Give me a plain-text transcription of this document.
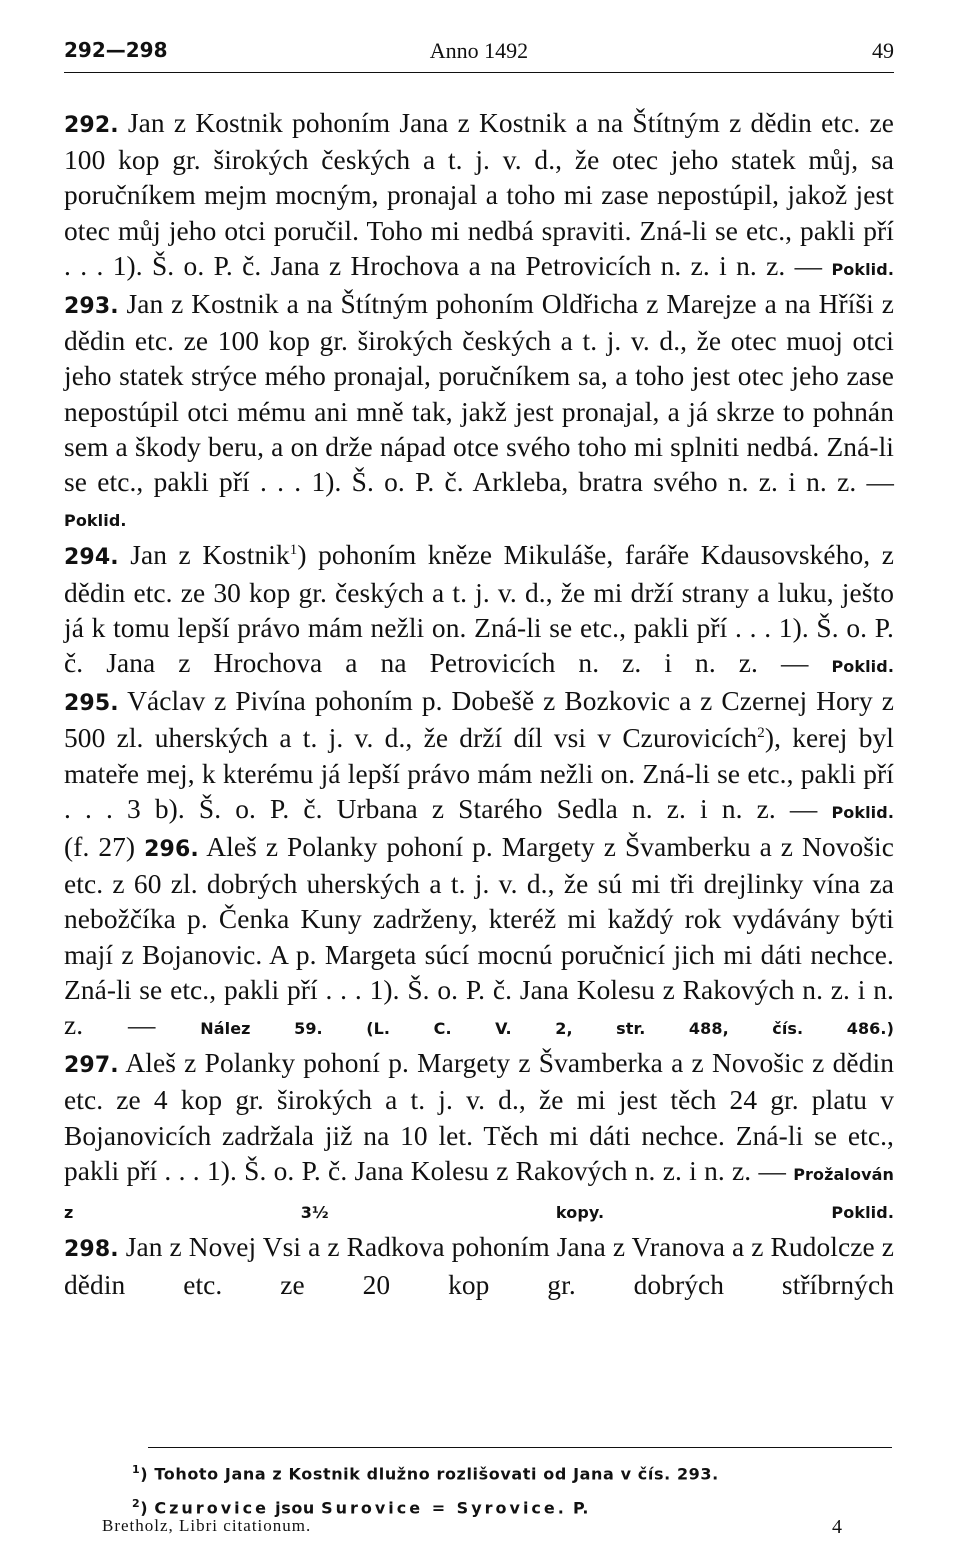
292—298	Anno 1492	49

292. Jan z Kostnik pohoním Jana z Kostnik a na Štítným z dědin etc. ze 100 kop gr. širokých českých a t. j. v. d., že otec jeho statek můj, sa poručníkem mejm mocným, pronajal a toho mi zase nepostúpil, jakož jest otec můj jeho otci poručil. Toho mi nedbá spraviti. Zná-li se etc., pakli pří . . . 1). Š. o. P. č. Jana z Hrochova a na Petrovicích n. z. i n. z. — Poklid.

293. Jan z Kostnik a na Štítným pohoním Oldřicha z Marejze a na Hříši z dědin etc. ze 100 kop gr. širokých českých a t. j. v. d., že otec muoj otci jeho statek strýce mého pronajal, poručníkem sa, a toho jest otec jeho zase nepostúpil otci mému ani mně tak, jakž jest pronajal, a já skrze to pohnán sem a škody beru, a on drže nápad otce svého toho mi splniti nedbá. Zná-li se etc., pakli pří . . . 1). Š. o. P. č. Arkleba, bratra svého n. z. i n. z. — Poklid.

294. Jan z Kostnik$^1$) pohoním kněze Mikuláše, faráře Kdausovského, z dědin etc. ze 30 kop gr. českých a t. j. v. d., že mi drží strany a luku, ješto já k tomu lepší právo mám nežli on. Zná-li se etc., pakli pří . . . 1). Š. o. P. č. Jana z Hrochova a na Petrovicích n. z. i n. z. — Poklid.

295. Václav z Pivína pohoním p. Dobešě z Bozkovic a z Czernej Hory z 500 zl. uherských a t. j. v. d., že drží díl vsi v Czurovicích$^2$), kerej byl mateře mej, k kterému já lepší právo mám nežli on. Zná-li se etc., pakli pří . . . 3 b). Š. o. P. č. Urbana z Starého Sedla n. z. i n. z. — Poklid.

(f. 27) 296. Aleš z Polanky pohoní p. Margety z Švamberku a z Novošic etc. z 60 zl. dobrých uherských a t. j. v. d., že sú mi tři drejlinky vína za nebožčíka p. Čenka Kuny zadrženy, kteréž mi každý rok vydávány býti mají z Bojanovic. A p. Margeta súcí mocnú poručnicí jich mi dáti nechce. Zná-li se etc., pakli pří . . . 1). Š. o. P. č. Jana Kolesu z Rakových n. z. i n. z. — Nález 59. (L. C. V. 2, str. 488, čís. 486.)

297. Aleš z Polanky pohoní p. Margety z Švamberka a z Novošic z dědin etc. ze 4 kop gr. širokých a t. j. v. d., že mi jest těch 24 gr. platu v Bojanovicích zadržala již na 10 let. Těch mi dáti nechce. Zná-li se etc., pakli pří . . . 1). Š. o. P. č. Jana Kolesu z Rakových n. z. i n. z. — Prožalován z 3½ kopy. Poklid.

298. Jan z Novej Vsi a z Radkova pohoním Jana z Vranova a z Rudolcze z dědin etc. ze 20 kop gr. dobrých stříbrných

$^1$) Tohoto Jana z Kostnik dlužno rozlišovati od Jana v čís. 293.
$^2$) Czurovice jsou Surovice = Syrovice. P.
Bretholz, Libri citationum.	4
